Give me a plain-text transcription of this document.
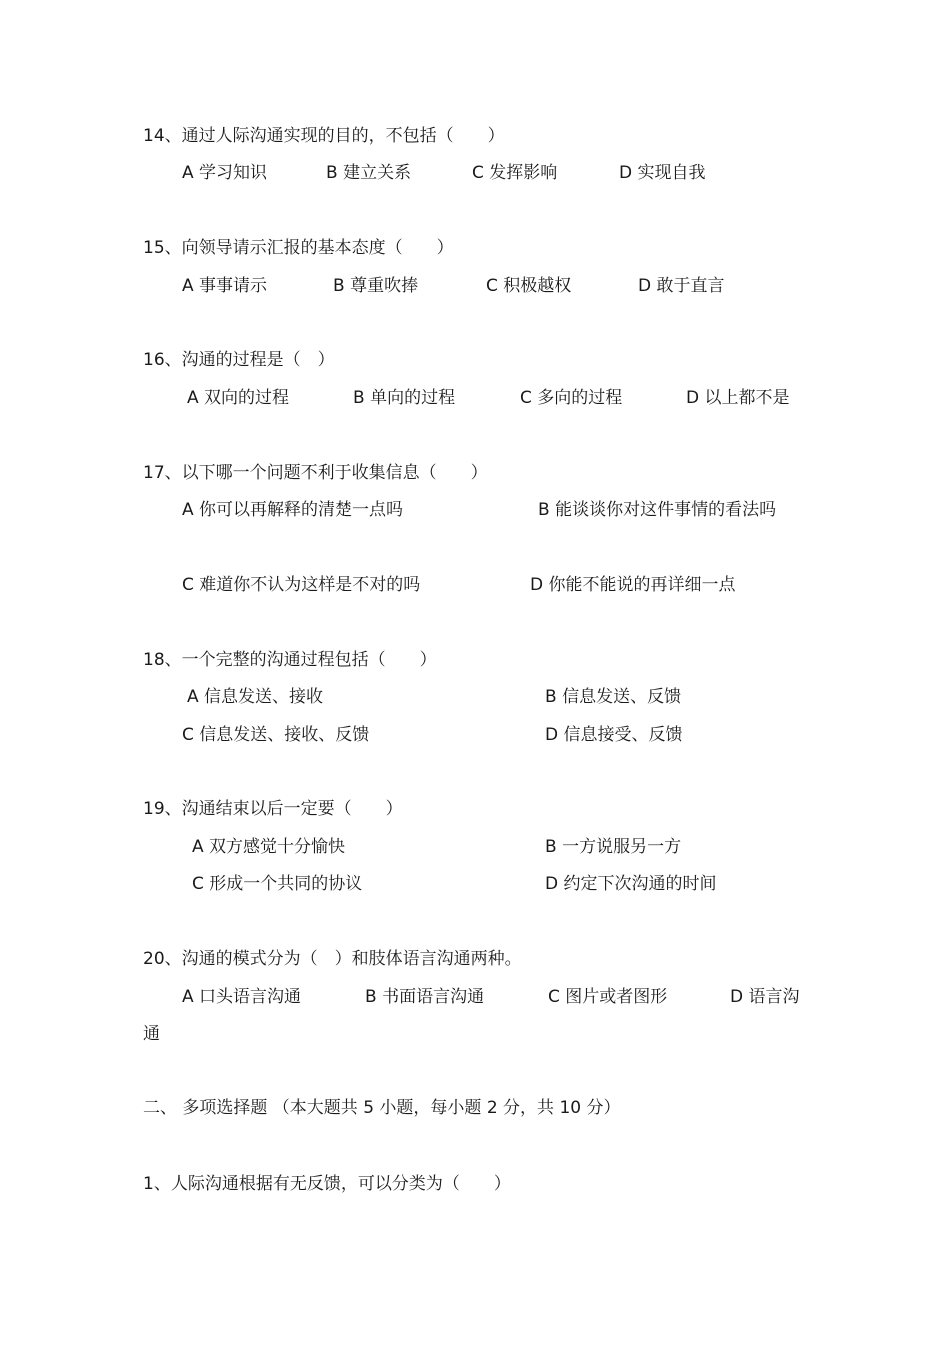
14、通过人际沟通实现的目的，不包括（　　）
A 学习知识	B 建立关系	C 发挥影响	D 实现自我
15、向领导请示汇报的基本态度（　　）
A 事事请示	B 尊重吹捧	C 积极越权	D 敢于直言
16、沟通的过程是（　）
A 双向的过程	B 单向的过程	C 多向的过程	D 以上都不是
17、以下哪一个问题不利于收集信息（　　）
A 你可以再解释的清楚一点吗	B 能谈谈你对这件事情的看法吗
C 难道你不认为这样是不对的吗	D 你能不能说的再详细一点
18、一个完整的沟通过程包括（　　）
A 信息发送、接收	B 信息发送、反馈
C 信息发送、接收、反馈	D 信息接受、反馈
19、沟通结束以后一定要（　　）
A 双方感觉十分愉快	B 一方说服另一方
C 形成一个共同的协议	D 约定下次沟通的时间
20、沟通的模式分为（　）和肢体语言沟通两种。
A 口头语言沟通	B 书面语言沟通	C 图片或者图形	D 语言沟
通
二、 多项选择题 （本大题共 5 小题，每小题 2 分，共 10 分）
1、人际沟通根据有无反馈，可以分类为（　　）
